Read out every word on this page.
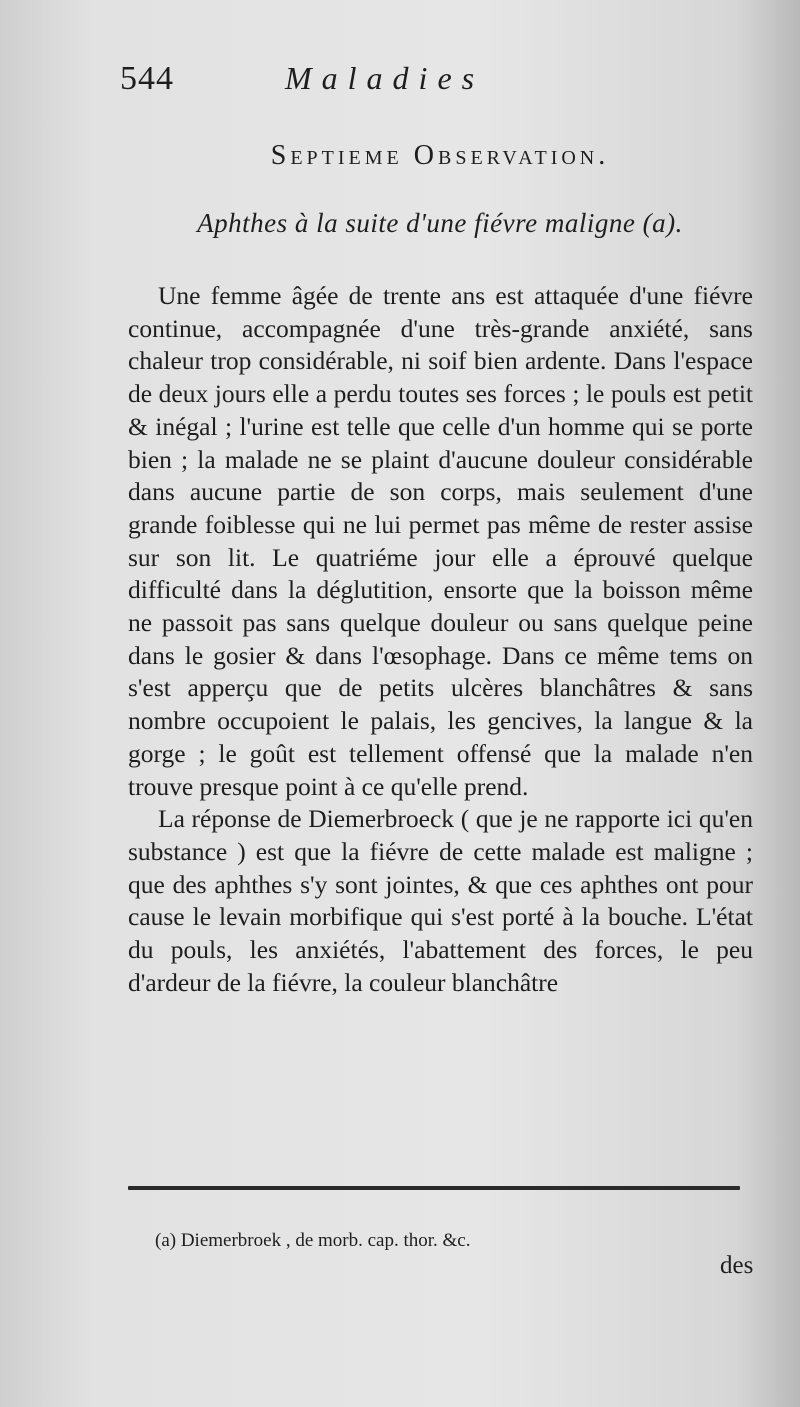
544	Maladies
Septieme Observation.
Aphthes à la suite d'une fiévre maligne (a).

Une femme âgée de trente ans est attaquée d'une fiévre continue, accompagnée d'une très-grande anxiété, sans chaleur trop considérable, ni soif bien ardente. Dans l'espace de deux jours elle a perdu toutes ses forces ; le pouls est petit & inégal ; l'urine est telle que celle d'un homme qui se porte bien ; la malade ne se plaint d'aucune douleur considérable dans aucune partie de son corps, mais seulement d'une grande foiblesse qui ne lui permet pas même de rester assise sur son lit. Le quatriéme jour elle a éprouvé quelque difficulté dans la déglutition, ensorte que la boisson même ne passoit pas sans quelque douleur ou sans quelque peine dans le gosier & dans l'œsophage. Dans ce même tems on s'est apperçu que de petits ulcères blanchâtres & sans nombre occupoient le palais, les gencives, la langue & la gorge ; le goût est tellement offensé que la malade n'en trouve presque point à ce qu'elle prend.

La réponse de Diemerbroeck ( que je ne rapporte ici qu'en substance ) est que la fiévre de cette malade est maligne ; que des aphthes s'y sont jointes, & que ces aphthes ont pour cause le levain morbifique qui s'est porté à la bouche. L'état du pouls, les anxiétés, l'abattement des forces, le peu d'ardeur de la fiévre, la couleur blanchâtre

(a) Diemerbroek , de morb. cap. thor. &c.
des
